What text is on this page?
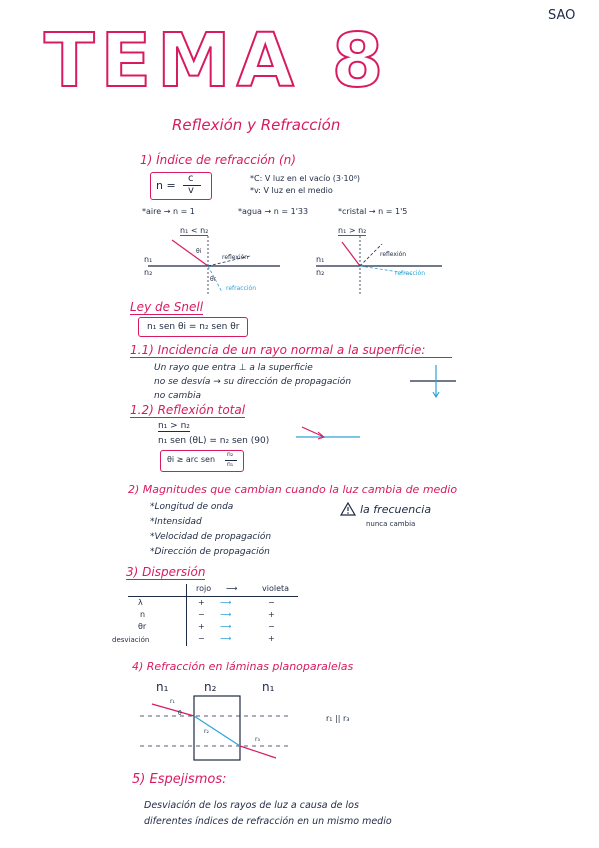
SAO
TEMA 8
Reflexión y Refracción
1) Índice de refracción (n)
n =
c
v
*C: V luz en el vacío (3·10⁸)
*v: V luz en el medio
*aire → n = 1	*agua → n = 1'33	*cristal → n = 1'5
n₁ < n₂
n₁
n₂
reflexión
refracción
θi
θr
n₁ > n₂
n₁
n₂
reflexión
refracción
Ley de Snell
n₁ sen θi = n₂ sen θr
1.1) Incidencia de un rayo normal a la superficie:
Un rayo que entra ⊥ a la superficie
no se desvía → su dirección de propagación
no cambia
1.2) Reflexión total
n₁ > n₂
n₁ sen (θL) = n₂ sen (90)
θi ≥ arc sen
n₂
n₁
2) Magnitudes que cambian cuando la luz cambia de medio
*Longitud de onda
*Intensidad
*Velocidad de propagación
*Dirección de propagación
la frecuencia
nunca cambia
3) Dispersión
rojo ⟶	violeta
λ	+ ⟶	−
n	− ⟶	+
θr	+ ⟶	−
desviación	− ⟶	+
4) Refracción en láminas planoparalelas
n₁	n₂	n₁
r₁
r₂
r₃
θ
r₁ || r₃
5) Espejismos:
Desviación de los rayos de luz a causa de los
diferentes índices de refracción en un mismo medio
